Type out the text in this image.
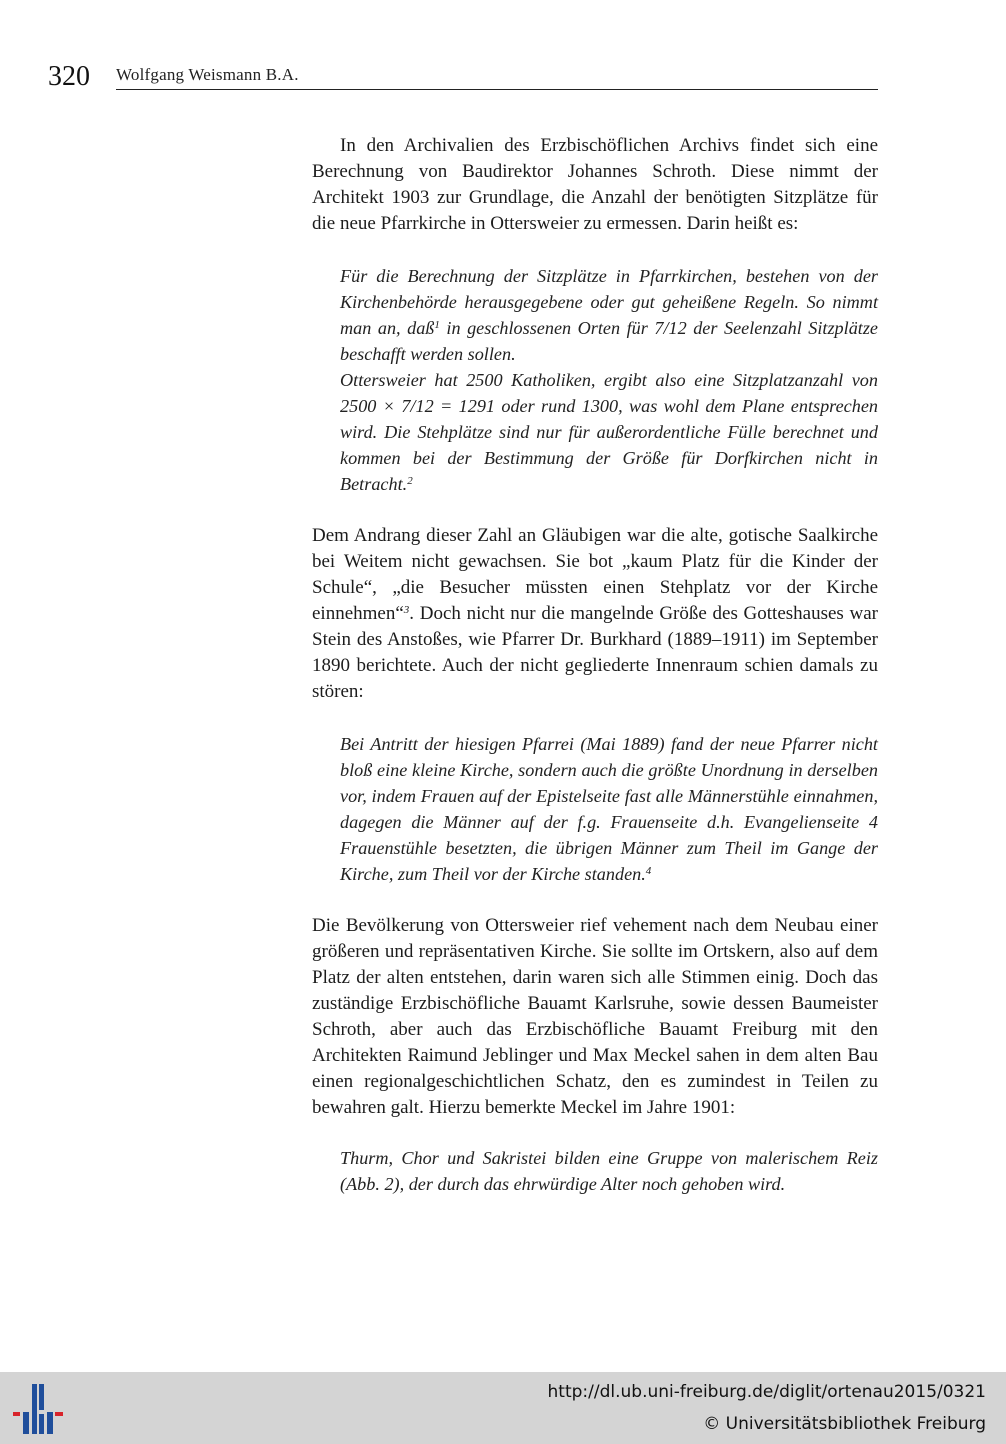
320 Wolfgang Weismann B.A.

In den Archivalien des Erzbischöflichen Archivs findet sich eine Berechnung von Baudirektor Johannes Schroth. Diese nimmt der Architekt 1903 zur Grundlage, die Anzahl der benötigten Sitzplätze für die neue Pfarrkirche in Ottersweier zu ermessen. Darin heißt es:

Für die Berechnung der Sitzplätze in Pfarrkirchen, bestehen von der Kirchenbehörde herausgegebene oder gut geheißene Regeln. So nimmt man an, daß$^1$ in geschlossenen Orten für 7/12 der Seelenzahl Sitzplätze beschafft werden sollen.

Ottersweier hat 2500 Katholiken, ergibt also eine Sitzplatzanzahl von 2500 × 7/12 = 1291 oder rund 1300, was wohl dem Plane entsprechen wird. Die Stehplätze sind nur für außerordentliche Fülle berechnet und kommen bei der Bestimmung der Größe für Dorfkirchen nicht in Betracht.$^2$

Dem Andrang dieser Zahl an Gläubigen war die alte, gotische Saalkirche bei Weitem nicht gewachsen. Sie bot „kaum Platz für die Kinder der Schule“, „die Besucher müssten einen Stehplatz vor der Kirche einnehmen“$^3$. Doch nicht nur die mangelnde Größe des Gotteshauses war Stein des Anstoßes, wie Pfarrer Dr. Burkhard (1889–1911) im September 1890 berichtete. Auch der nicht gegliederte Innenraum schien damals zu stören:

Bei Antritt der hiesigen Pfarrei (Mai 1889) fand der neue Pfarrer nicht bloß eine kleine Kirche, sondern auch die größte Unordnung in derselben vor, indem Frauen auf der Epistelseite fast alle Männerstühle einnahmen, dagegen die Männer auf der f.g. Frauenseite d.h. Evangelienseite 4 Frauenstühle besetzten, die übrigen Männer zum Theil im Gange der Kirche, zum Theil vor der Kirche standen.$^4$

Die Bevölkerung von Ottersweier rief vehement nach dem Neubau einer größeren und repräsentativen Kirche. Sie sollte im Ortskern, also auf dem Platz der alten entstehen, darin waren sich alle Stimmen einig. Doch das zuständige Erzbischöfliche Bauamt Karlsruhe, sowie dessen Baumeister Schroth, aber auch das Erzbischöfliche Bauamt Freiburg mit den Architekten Raimund Jeblinger und Max Meckel sahen in dem alten Bau einen regionalgeschichtlichen Schatz, den es zumindest in Teilen zu bewahren galt. Hierzu bemerkte Meckel im Jahre 1901:

Thurm, Chor und Sakristei bilden eine Gruppe von malerischem Reiz (Abb. 2), der durch das ehrwürdige Alter noch gehoben wird.

http://dl.ub.uni-freiburg.de/diglit/ortenau2015/0321
© Universitätsbibliothek Freiburg
